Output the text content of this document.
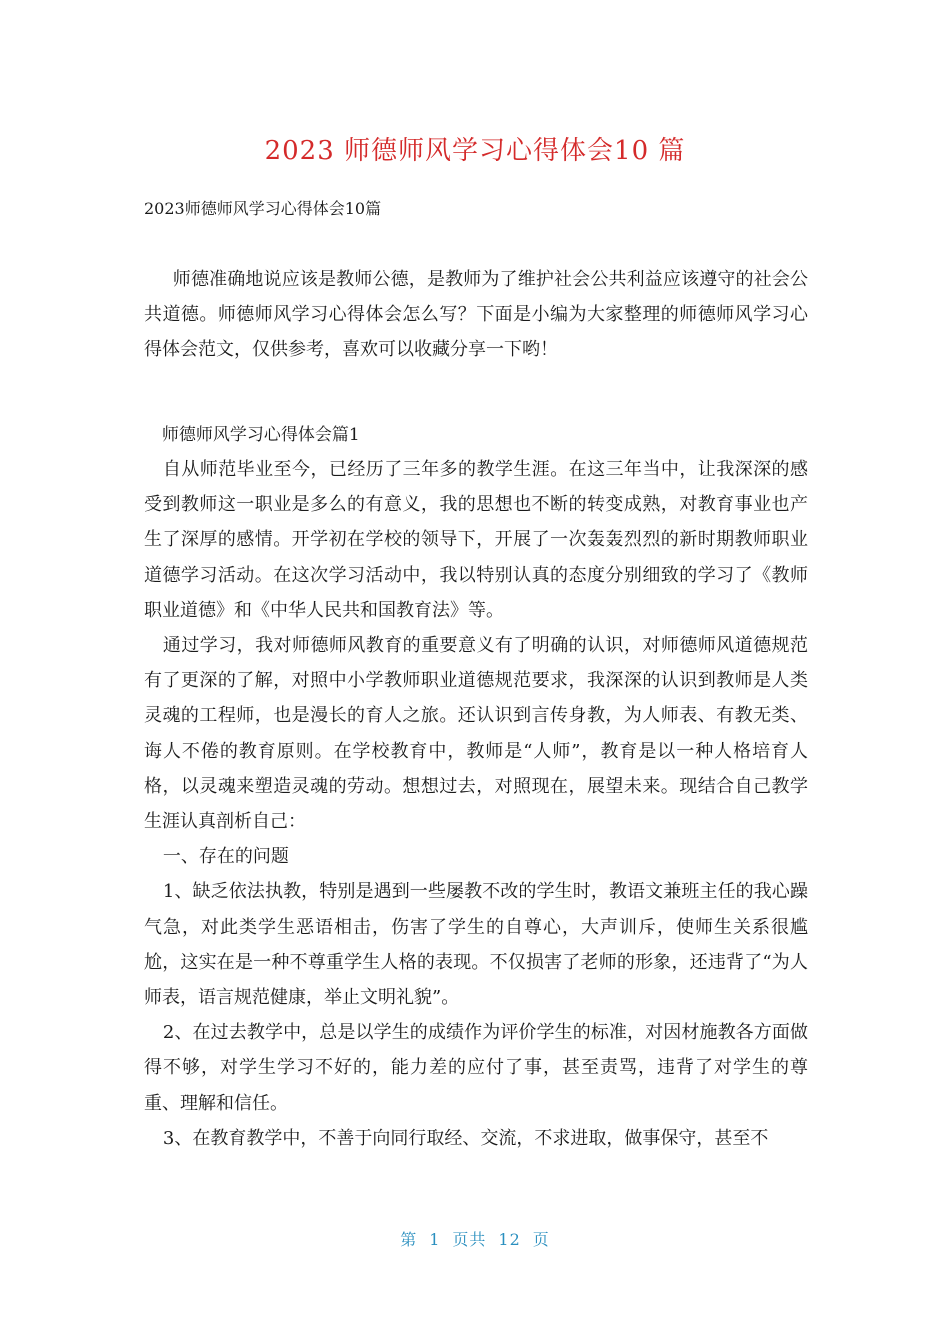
2023 师德师风学习心得体会10 篇
2023师德师风学习心得体会10篇

师德准确地说应该是教师公德，是教师为了维护社会公共利益应该遵守的社会公共道德。师德师风学习心得体会怎么写？下面是小编为大家整理的师德师风学习心得体会范文，仅供参考，喜欢可以收藏分享一下哟！

师德师风学习心得体会篇1

自从师范毕业至今，已经历了三年多的教学生涯。在这三年当中，让我深深的感受到教师这一职业是多么的有意义，我的思想也不断的转变成熟，对教育事业也产生了深厚的感情。开学初在学校的领导下，开展了一次轰轰烈烈的新时期教师职业道德学习活动。在这次学习活动中，我以特别认真的态度分别细致的学习了《教师职业道德》和《中华人民共和国教育法》等。

通过学习，我对师德师风教育的重要意义有了明确的认识，对师德师风道德规范有了更深的了解，对照中小学教师职业道德规范要求，我深深的认识到教师是人类灵魂的工程师，也是漫长的育人之旅。还认识到言传身教，为人师表、有教无类、诲人不倦的教育原则。在学校教育中，教师是“人师”，教育是以一种人格培育人格，以灵魂来塑造灵魂的劳动。想想过去，对照现在，展望未来。现结合自己教学生涯认真剖析自己：

一、存在的问题

1、缺乏依法执教，特别是遇到一些屡教不改的学生时，教语文兼班主任的我心躁气急，对此类学生恶语相击，伤害了学生的自尊心，大声训斥，使师生关系很尴尬，这实在是一种不尊重学生人格的表现。不仅损害了老师的形象，还违背了“为人师表，语言规范健康，举止文明礼貌”。

2、在过去教学中，总是以学生的成绩作为评价学生的标准，对因材施教各方面做得不够，对学生学习不好的，能力差的应付了事，甚至责骂，违背了对学生的尊重、理解和信任。

3、在教育教学中，不善于向同行取经、交流，不求进取，做事保守，甚至不

第 1 页共 12 页
